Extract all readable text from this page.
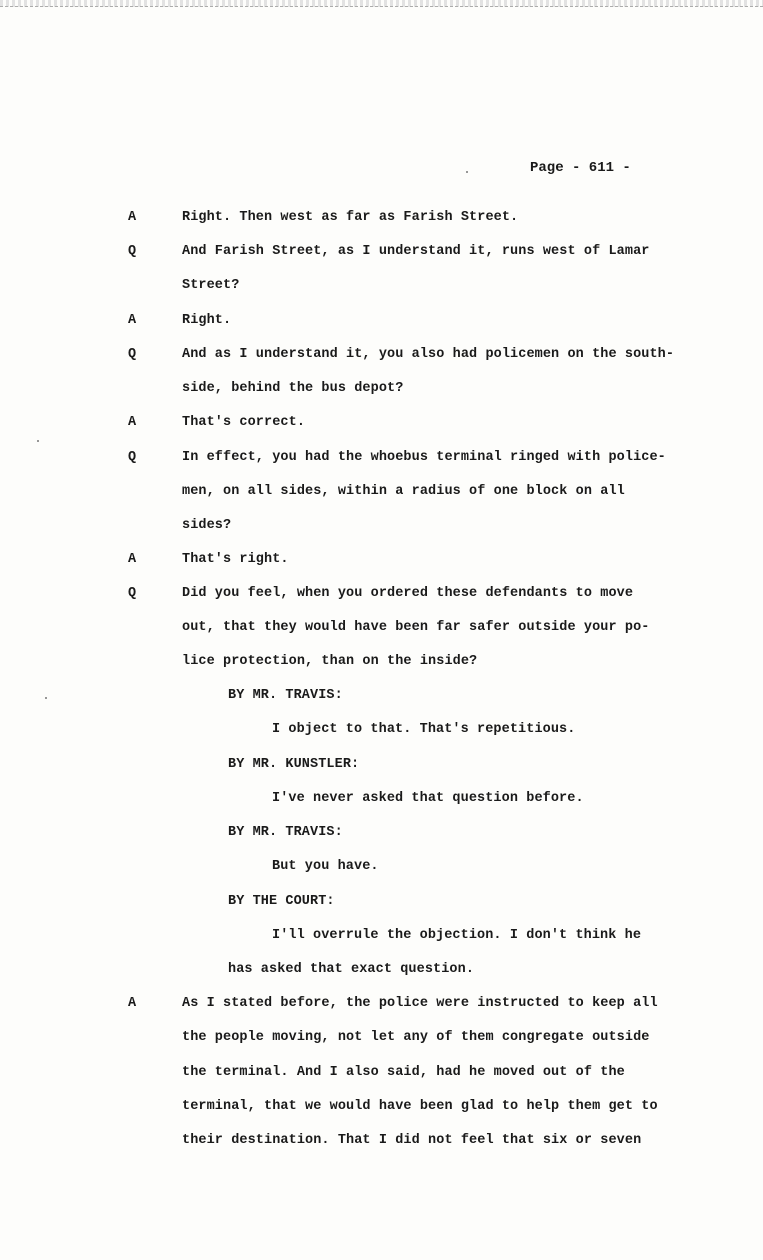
Page - 611 -
A	Right. Then west as far as Farish Street.
Q	And Farish Street, as I understand it, runs west of Lamar
Street?
A	Right.
Q	And as I understand it, you also had policemen on the south-
side, behind the bus depot?
A	That's correct.
Q	In effect, you had the whoebus terminal ringed with police-
men, on all sides, within a radius of one block on all
sides?
A	That's right.
Q	Did you feel, when you ordered these defendants to move
out, that they would have been far safer outside your po-
lice protection, than on the inside?
BY MR. TRAVIS:
I object to that. That's repetitious.
BY MR. KUNSTLER:
I've never asked that question before.
BY MR. TRAVIS:
But you have.
BY THE COURT:
I'll overrule the objection. I don't think he
has asked that exact question.
A	As I stated before, the police were instructed to keep all
the people moving, not let any of them congregate outside
the terminal. And I also said, had he moved out of the
terminal, that we would have been glad to help them get to
their destination. That I did not feel that six or seven
